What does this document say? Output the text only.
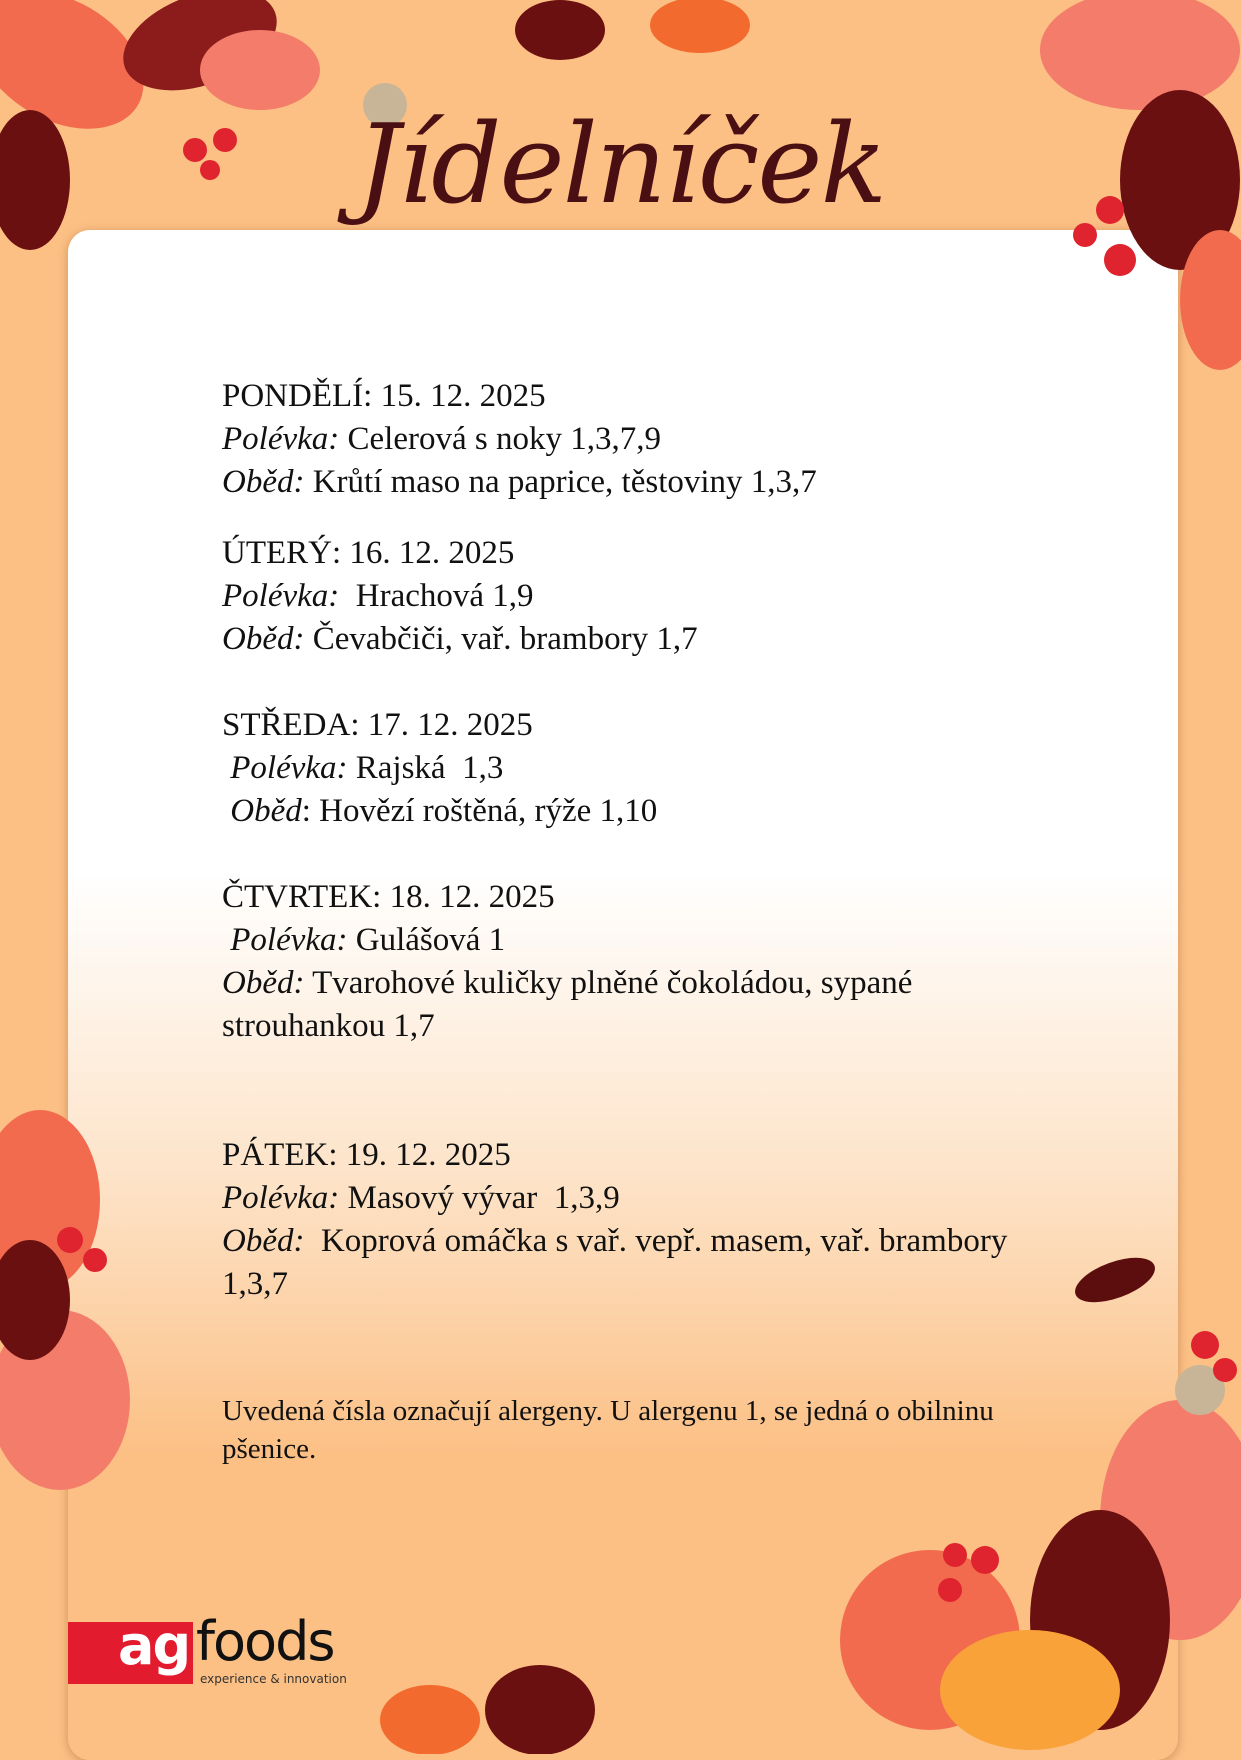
Jídelníček
PONDĚLÍ: 15. 12. 2025
Polévka: Celerová s noky 1,3,7,9
Oběd: Krůtí maso na paprice, těstoviny 1,3,7
ÚTERÝ: 16. 12. 2025
Polévka:  Hrachová 1,9
Oběd: Čevabčiči, vař. brambory 1,7
STŘEDA: 17. 12. 2025
Polévka: Rajská  1,3
Oběd: Hovězí roštěná, rýže 1,10
ČTVRTEK: 18. 12. 2025
Polévka: Gulášová 1
Oběd: Tvarohové kuličky plněné čokoládou, sypané strouhankou 1,7
PÁTEK: 19. 12. 2025
Polévka: Masový vývar  1,3,9
Oběd:  Koprová omáčka s vař. vepř. masem, vař. brambory 1,3,7
Uvedená čísla označují alergeny. U alergenu 1, se jedná o obilninu pšenice.
ag foods
experience & innovation
